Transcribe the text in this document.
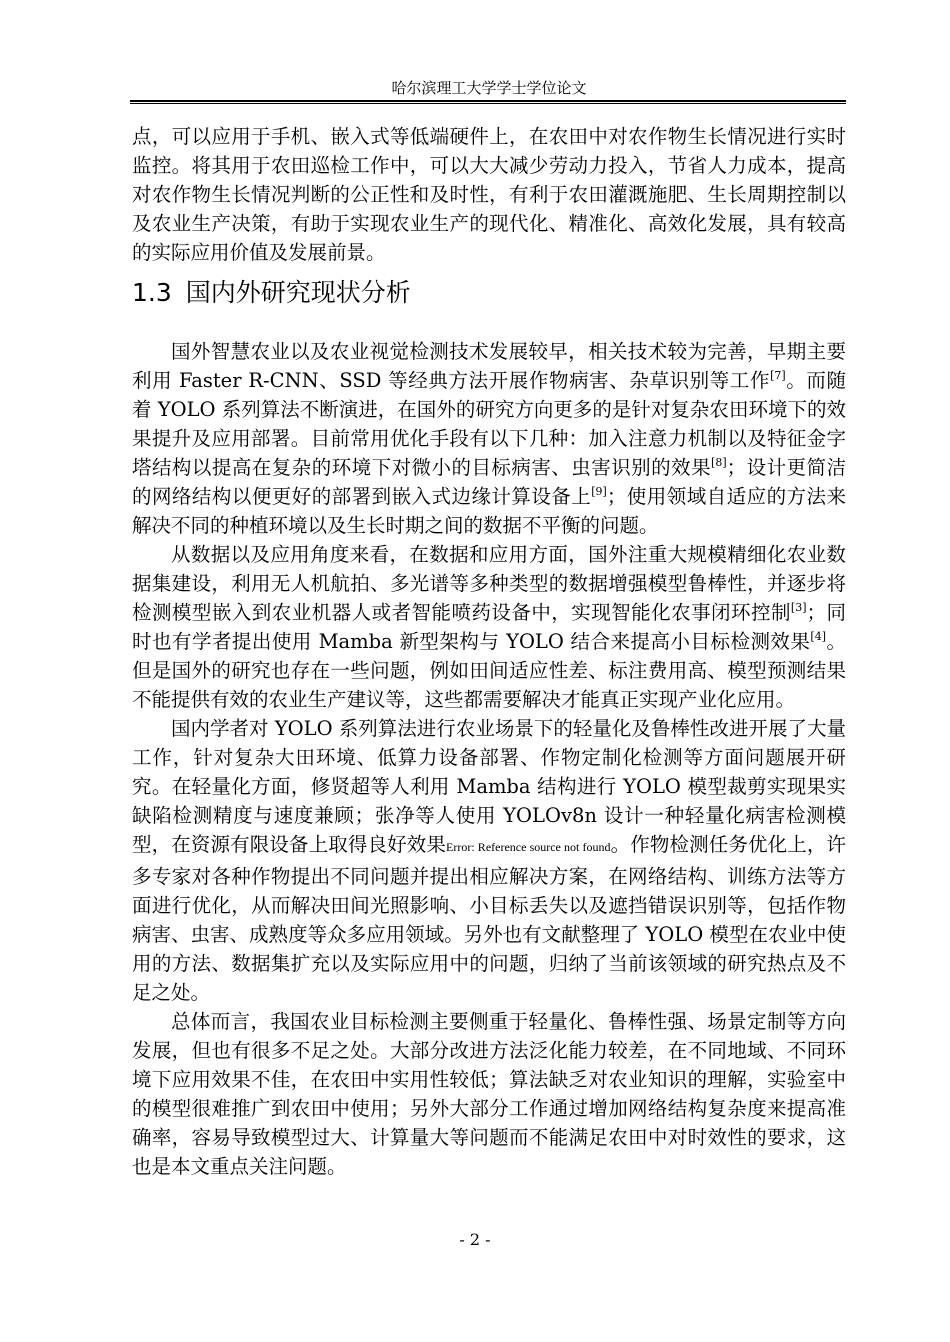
哈尔滨理工大学学士学位论文

点，可以应用于手机、嵌入式等低端硬件上，在农田中对农作物生长情况进行实时监控。将其用于农田巡检工作中，可以大大减少劳动力投入，节省人力成本，提高对农作物生长情况判断的公正性和及时性，有利于农田灌溉施肥、生长周期控制以及农业生产决策，有助于实现农业生产的现代化、精准化、高效化发展，具有较高的实际应用价值及发展前景。

1.3 国内外研究现状分析

国外智慧农业以及农业视觉检测技术发展较早，相关技术较为完善，早期主要利用 Faster R-CNN、SSD 等经典方法开展作物病害、杂草识别等工作[7]。而随着 YOLO 系列算法不断演进，在国外的研究方向更多的是针对复杂农田环境下的效果提升及应用部署。目前常用优化手段有以下几种：加入注意力机制以及特征金字塔结构以提高在复杂的环境下对微小的目标病害、虫害识别的效果[8]；设计更简洁的网络结构以便更好的部署到嵌入式边缘计算设备上[9]；使用领域自适应的方法来解决不同的种植环境以及生长时期之间的数据不平衡的问题。

从数据以及应用角度来看，在数据和应用方面，国外注重大规模精细化农业数据集建设，利用无人机航拍、多光谱等多种类型的数据增强模型鲁棒性，并逐步将检测模型嵌入到农业机器人或者智能喷药设备中，实现智能化农事闭环控制[3]；同时也有学者提出使用 Mamba 新型架构与 YOLO 结合来提高小目标检测效果[4]。但是国外的研究也存在一些问题，例如田间适应性差、标注费用高、模型预测结果不能提供有效的农业生产建议等，这些都需要解决才能真正实现产业化应用。

国内学者对 YOLO 系列算法进行农业场景下的轻量化及鲁棒性改进开展了大量工作，针对复杂大田环境、低算力设备部署、作物定制化检测等方面问题展开研究。在轻量化方面，修贤超等人利用 Mamba 结构进行 YOLO 模型裁剪实现果实缺陷检测精度与速度兼顾；张净等人使用 YOLOv8n 设计一种轻量化病害检测模型，在资源有限设备上取得良好效果Error: Reference source not found。作物检测任务优化上，许多专家对各种作物提出不同问题并提出相应解决方案，在网络结构、训练方法等方面进行优化，从而解决田间光照影响、小目标丢失以及遮挡错误识别等，包括作物病害、虫害、成熟度等众多应用领域。另外也有文献整理了 YOLO 模型在农业中使用的方法、数据集扩充以及实际应用中的问题，归纳了当前该领域的研究热点及不足之处。

总体而言，我国农业目标检测主要侧重于轻量化、鲁棒性强、场景定制等方向发展，但也有很多不足之处。大部分改进方法泛化能力较差，在不同地域、不同环境下应用效果不佳，在农田中实用性较低；算法缺乏对农业知识的理解，实验室中的模型很难推广到农田中使用；另外大部分工作通过增加网络结构复杂度来提高准确率，容易导致模型过大、计算量大等问题而不能满足农田中对时效性的要求，这也是本文重点关注问题。

- 2 -
